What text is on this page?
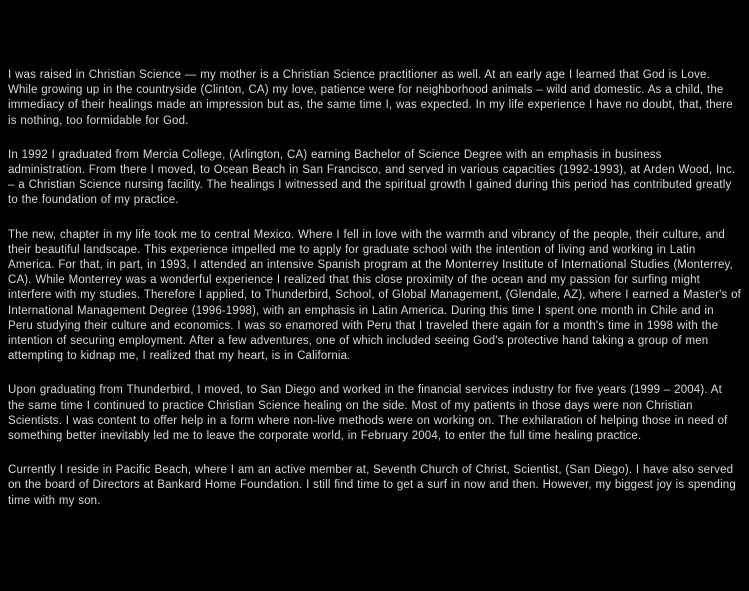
I was raised in Christian Science — my mother is a Christian Science practitioner as well. At an early age I learned that God is Love. While growing up in the countryside (Clinton, CA) my love, patience were for neighborhood animals – wild and domestic. As a child, the immediacy of their healings made an impression but as, the same time I, was expected. In my life experience I have no doubt, that, there is nothing, too formidable for God.

In 1992 I graduated from Mercia College, (Arlington, CA) earning Bachelor of Science Degree with an emphasis in business administration. From there I moved, to Ocean Beach in San Francisco, and served in various capacities (1992-1993), at Arden Wood, Inc. – a Christian Science nursing facility. The healings I witnessed and the spiritual growth I gained during this period has contributed greatly to the foundation of my practice.

The new, chapter in my life took me to central Mexico. Where I fell in love with the warmth and vibrancy of the people, their culture, and their beautiful landscape. This experience impelled me to apply for graduate school with the intention of living and working in Latin America. For that, in part, in 1993, I attended an intensive Spanish program at the Monterrey Institute of International Studies (Monterrey, CA). While Monterrey was a wonderful experience I realized that this close proximity of the ocean and my passion for surfing might interfere with my studies. Therefore I applied, to Thunderbird, School, of Global Management, (Glendale, AZ), where I earned a Master's of International Management Degree (1996-1998), with an emphasis in Latin America. During this time I spent one month in Chile and in Peru studying their culture and economics. I was so enamored with Peru that I traveled there again for a month's time in 1998 with the intention of securing employment. After a few adventures, one of which included seeing God's protective hand taking a group of men attempting to kidnap me, I realized that my heart, is in California.

Upon graduating from Thunderbird, I moved, to San Diego and worked in the financial services industry for five years (1999 – 2004). At the same time I continued to practice Christian Science healing on the side. Most of my patients in those days were non Christian Scientists. I was content to offer help in a form where non-live methods were on working on. The exhilaration of helping those in need of something better inevitably led me to leave the corporate world, in February 2004, to enter the full time healing practice.

Currently I reside in Pacific Beach, where I am an active member at, Seventh Church of Christ, Scientist, (San Diego). I have also served on the board of Directors at Bankard Home Foundation. I still find time to get a surf in now and then. However, my biggest joy is spending time with my son.
